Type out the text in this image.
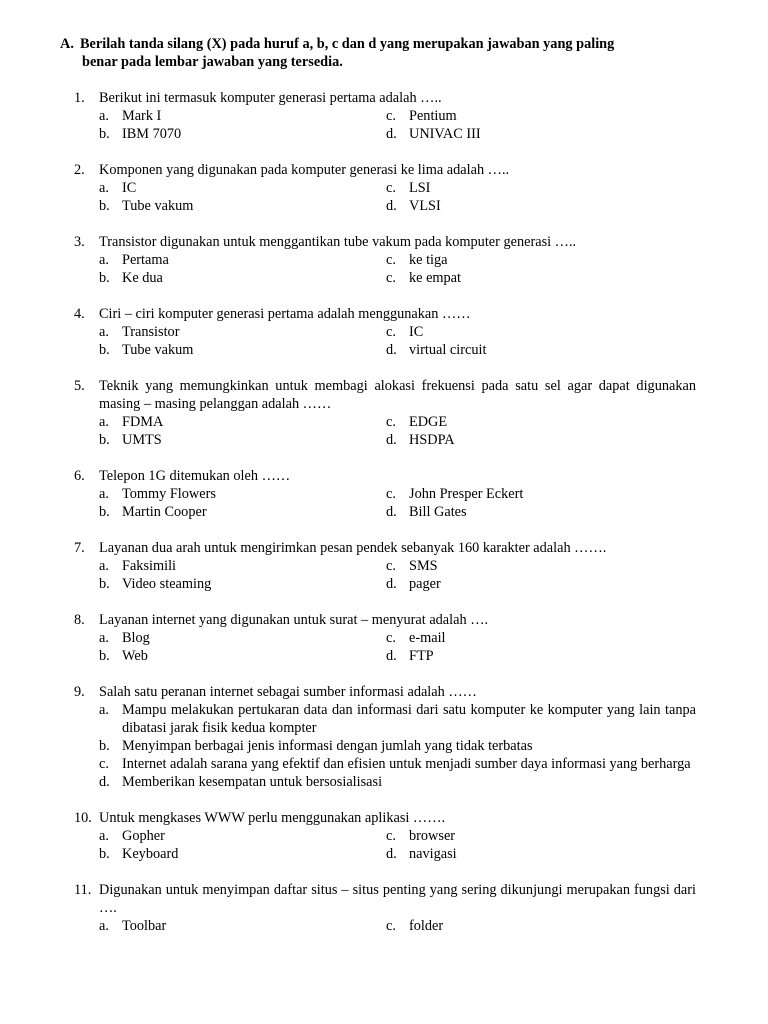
A. Berilah tanda silang (X) pada huruf a, b, c dan d yang merupakan jawaban yang paling
benar pada lembar jawaban yang tersedia.
1. Berikut ini termasuk komputer generasi pertama adalah …..
a. Mark I	c. Pentium
b. IBM 7070	d. UNIVAC III
2. Komponen yang digunakan pada komputer generasi ke lima adalah …..
a. IC	c. LSI
b. Tube vakum	d. VLSI
3. Transistor digunakan untuk menggantikan tube vakum pada komputer generasi …..
a. Pertama	c. ke tiga
b. Ke dua	c. ke empat
4. Ciri – ciri komputer generasi pertama adalah menggunakan ……
a. Transistor	c. IC
b. Tube vakum	d. virtual circuit
5. Teknik yang memungkinkan untuk membagi alokasi frekuensi pada satu sel agar dapat digunakan masing – masing pelanggan adalah ……
a. FDMA	c. EDGE
b. UMTS	d. HSDPA
6. Telepon 1G ditemukan oleh ……
a. Tommy Flowers	c. John Presper Eckert
b. Martin Cooper	d. Bill Gates
7. Layanan dua arah untuk mengirimkan pesan pendek sebanyak 160 karakter adalah …….
a. Faksimili	c. SMS
b. Video steaming	d. pager
8. Layanan internet yang digunakan untuk surat – menyurat adalah ….
a. Blog	c. e-mail
b. Web	d. FTP
9. Salah satu peranan internet sebagai sumber informasi adalah ……
a. Mampu melakukan pertukaran data dan informasi dari satu komputer ke komputer yang lain tanpa dibatasi jarak fisik kedua kompter
b. Menyimpan berbagai jenis informasi dengan jumlah yang tidak terbatas
c. Internet adalah sarana yang efektif dan efisien untuk menjadi sumber daya informasi yang berharga
d. Memberikan kesempatan untuk bersosialisasi
10. Untuk mengkases WWW perlu menggunakan aplikasi …….
a. Gopher	c. browser
b. Keyboard	d. navigasi
11. Digunakan untuk menyimpan daftar situs – situs penting yang sering dikunjungi merupakan fungsi dari ….
a. Toolbar	c. folder
